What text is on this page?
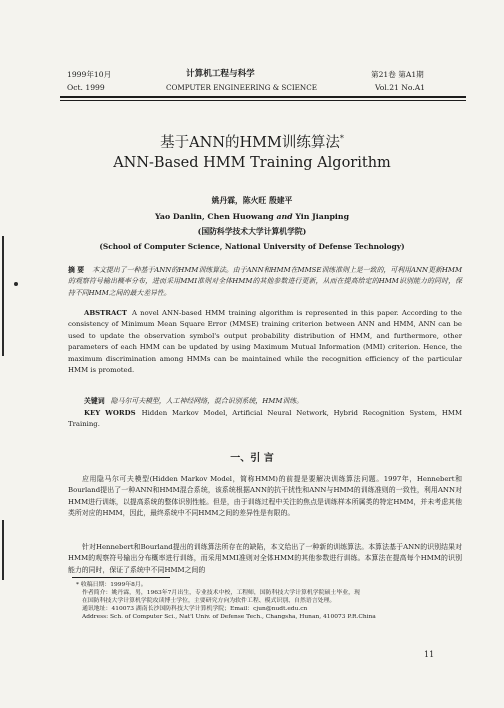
1999年10月
Oct. 1999
计算机工程与科学
COMPUTER ENGINEERING & SCIENCE
第21卷 第A1期
Vol.21 No.A1
基于ANN的HMM训练算法*
ANN-Based HMM Training Algorithm
姚丹霖，陈火旺 殷建平
Yao Danlin, Chen Huowang and Yin Jianping
(国防科学技术大学计算机学院)
(School of Computer Science, National University of Defense Technology)
摘 要 本文提出了一种基于ANN的HMM训练算法。由于ANN和HMM在MMSE训练准则上是一致的，可利用ANN更新HMM的观察符号输出概率分布，进而采用MMI准则对全体HMM的其他参数进行更新，从而在提高给定的HMM识别能力的同时，保持不同HMM之间的最大差异性。
ABSTRACT A novel ANN-based HMM training algorithm is represented in this paper. According to the consistency of Minimum Mean Square Error (MMSE) training criterion between ANN and HMM, ANN can be used to update the observation symbol's output probability distribution of HMM, and furthermore, other parameters of each HMM can be updated by using Maximum Mutual Information (MMI) criterion. Hence, the maximum discrimination among HMMs can be maintained while the recognition efficiency of the particular HMM is promoted.
关键词 隐马尔可夫模型，人工神经网络，混合识别系统，HMM训练。
KEY WORDS Hidden Markov Model, Artificial Neural Network, Hybrid Recognition System, HMM Training.
一、引 言
应用隐马尔可夫模型(Hidden Markov Model，简称HMM)的前提是要解决训练算法问题。1997年，Hennebert和Bourland提出了一种ANN和HMM混合系统，该系统根据ANN的抗干扰性和ANN与HMM的训练准则的一致性，利用ANN对HMM进行训练，以提高系统的整体识别性能。但是，由于训练过程中关注的焦点是训练样本所属类的特定HMM，并未考虑其他类所对应的HMM，因此，最终系统中不同HMM之间的差异性是有限的。
针对Hennebert和Bourland提出的训练算法所存在的缺陷，本文给出了一种新的训练算法。本算法基于ANN的识别结果对HMM的观察符号输出分布概率进行训练，而采用MMI准则对全体HMM的其他参数进行训练。本算法在提高每个HMM的识别能力的同时，保证了系统中不同HMM之间的
* 收稿日期：1999年8月。
作者简介：姚丹霖，男，1963年7月出生，专业技术中校，工程师，国防科技大学计算机学院硕士毕业，现
在国防科技大学计算机学院攻读博士学位，主要研究方向为软件工程、模式识别、自然语言处理。
通讯地址：410073 湖南长沙国防科技大学计算机学院；Email：cjun@nudt.edu.cn
Address: Sch. of Computer Sci., Nat'l Univ. of Defense Tech., Changsha, Hunan, 410073 P.R.China
11
